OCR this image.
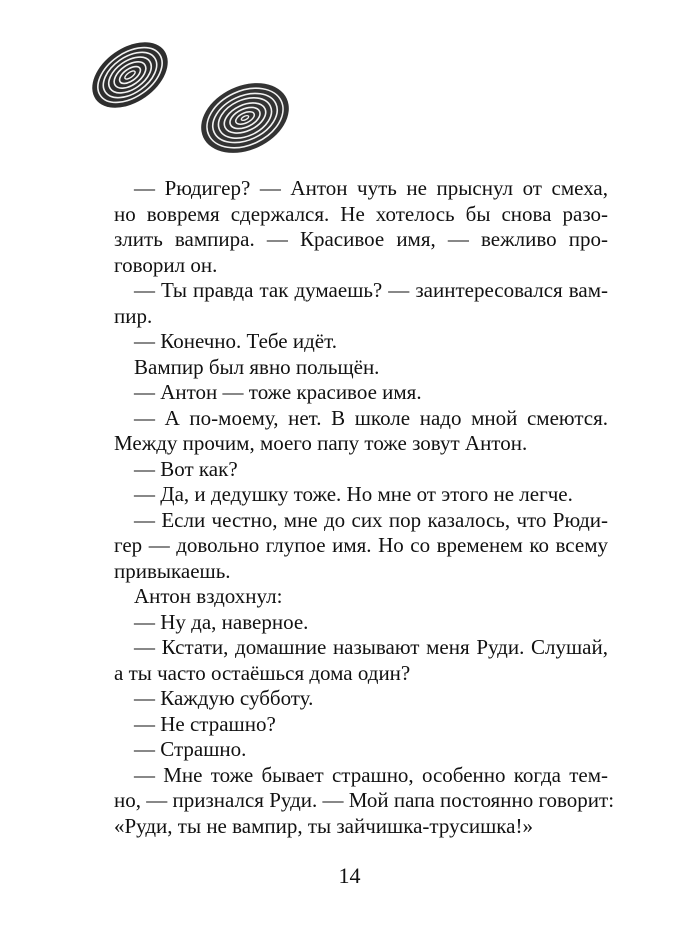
— Рюдигер? — Антон чуть не прыснул от смеха,
но вовремя сдержался. Не хотелось бы снова разо-
злить вампира. — Красивое имя, — вежливо про-
говорил он.
— Ты правда так думаешь? — заинтересовался вам-
пир.
— Конечно. Тебе идёт.
Вампир был явно польщён.
— Антон — тоже красивое имя.
— А по-моему, нет. В школе надо мной смеются.
Между прочим, моего папу тоже зовут Антон.
— Вот как?
— Да, и дедушку тоже. Но мне от этого не легче.
— Если честно, мне до сих пор казалось, что Рюди-
гер — довольно глупое имя. Но со временем ко всему
привыкаешь.
Антон вздохнул:
— Ну да, наверное.
— Кстати, домашние называют меня Руди. Слушай,
а ты часто остаёшься дома один?
— Каждую субботу.
— Не страшно?
— Страшно.
— Мне тоже бывает страшно, особенно когда тем-
но, — признался Руди. — Мой папа постоянно говорит:
«Руди, ты не вампир, ты зайчишка-трусишка!»
14
